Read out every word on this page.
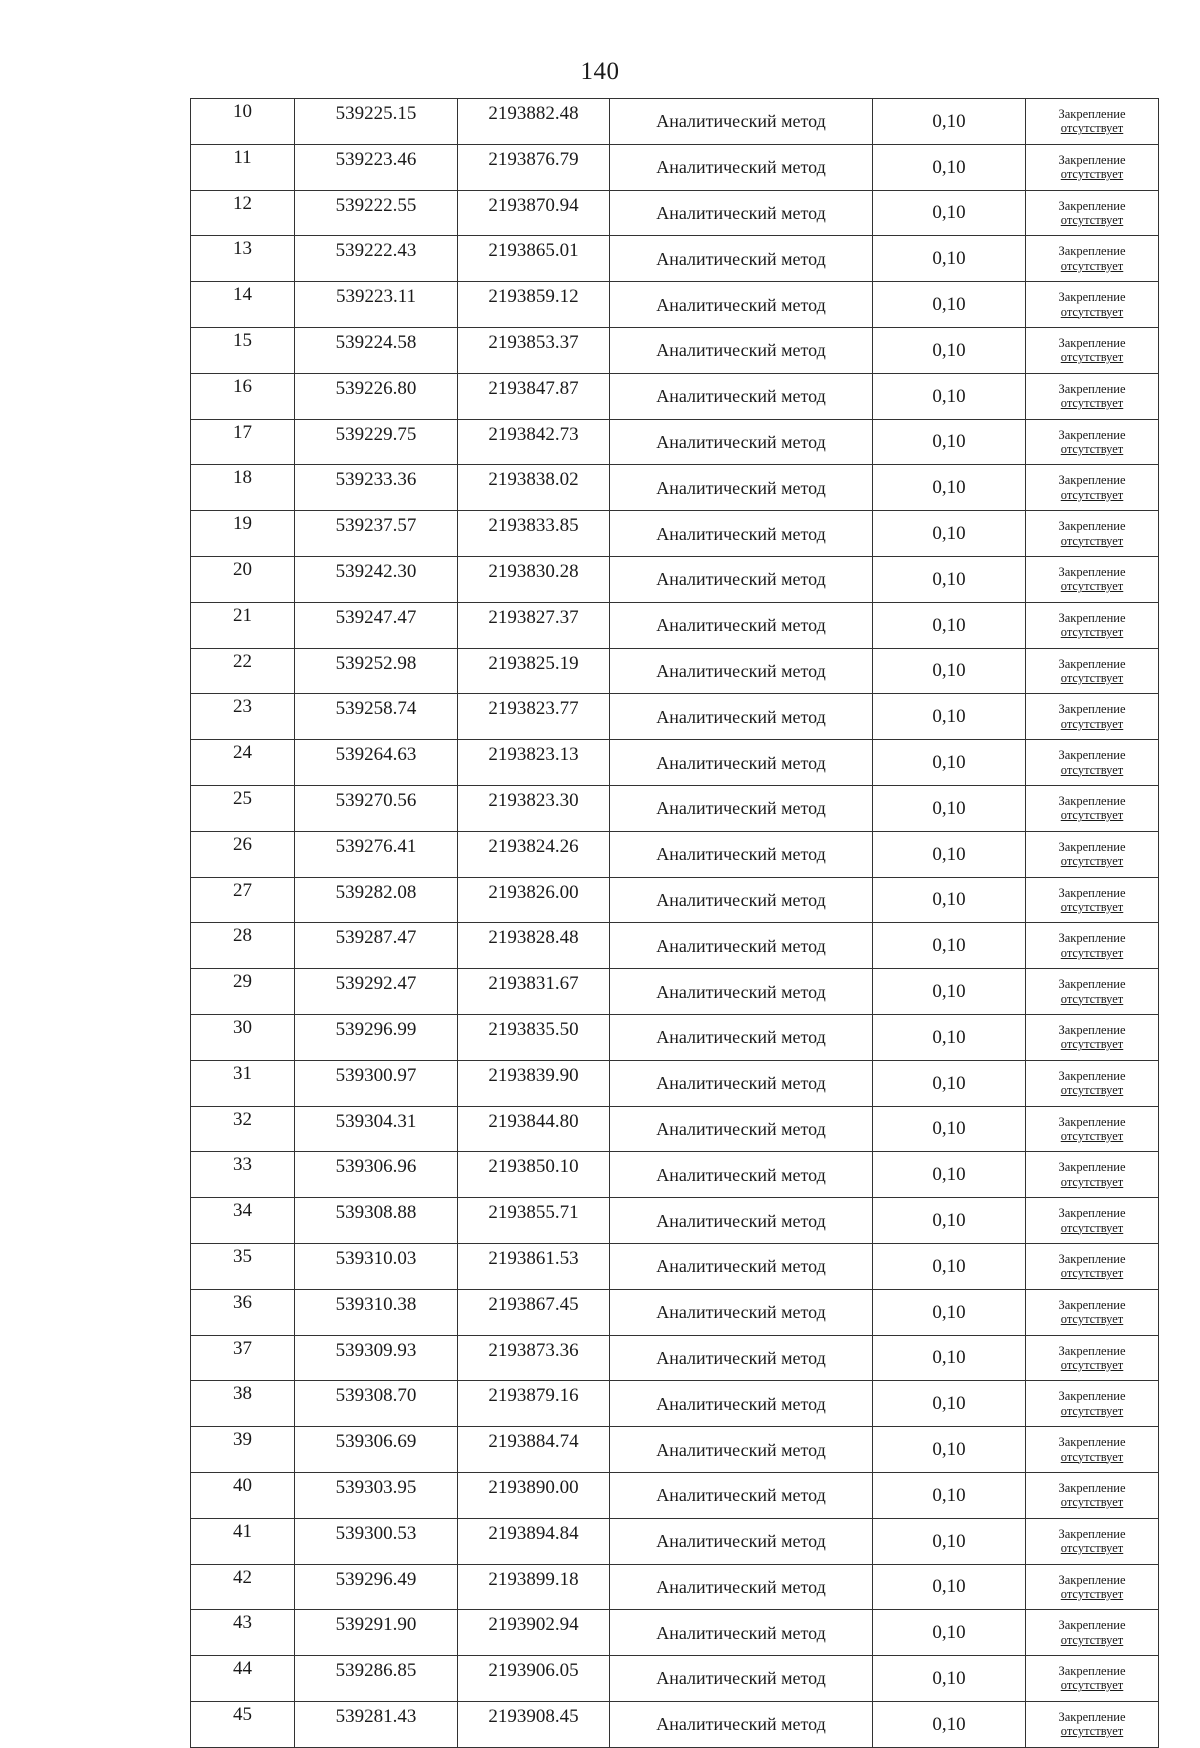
140
10	539225.15	2193882.48	Аналитический метод	0,10	Закрепление
отсутствует

11	539223.46	2193876.79	Аналитический метод	0,10	Закрепление
отсутствует

12	539222.55	2193870.94	Аналитический метод	0,10	Закрепление
отсутствует

13	539222.43	2193865.01	Аналитический метод	0,10	Закрепление
отсутствует

14	539223.11	2193859.12	Аналитический метод	0,10	Закрепление
отсутствует

15	539224.58	2193853.37	Аналитический метод	0,10	Закрепление
отсутствует

16	539226.80	2193847.87	Аналитический метод	0,10	Закрепление
отсутствует

17	539229.75	2193842.73	Аналитический метод	0,10	Закрепление
отсутствует

18	539233.36	2193838.02	Аналитический метод	0,10	Закрепление
отсутствует

19	539237.57	2193833.85	Аналитический метод	0,10	Закрепление
отсутствует

20	539242.30	2193830.28	Аналитический метод	0,10	Закрепление
отсутствует

21	539247.47	2193827.37	Аналитический метод	0,10	Закрепление
отсутствует

22	539252.98	2193825.19	Аналитический метод	0,10	Закрепление
отсутствует

23	539258.74	2193823.77	Аналитический метод	0,10	Закрепление
отсутствует

24	539264.63	2193823.13	Аналитический метод	0,10	Закрепление
отсутствует

25	539270.56	2193823.30	Аналитический метод	0,10	Закрепление
отсутствует

26	539276.41	2193824.26	Аналитический метод	0,10	Закрепление
отсутствует

27	539282.08	2193826.00	Аналитический метод	0,10	Закрепление
отсутствует

28	539287.47	2193828.48	Аналитический метод	0,10	Закрепление
отсутствует

29	539292.47	2193831.67	Аналитический метод	0,10	Закрепление
отсутствует

30	539296.99	2193835.50	Аналитический метод	0,10	Закрепление
отсутствует

31	539300.97	2193839.90	Аналитический метод	0,10	Закрепление
отсутствует

32	539304.31	2193844.80	Аналитический метод	0,10	Закрепление
отсутствует

33	539306.96	2193850.10	Аналитический метод	0,10	Закрепление
отсутствует

34	539308.88	2193855.71	Аналитический метод	0,10	Закрепление
отсутствует

35	539310.03	2193861.53	Аналитический метод	0,10	Закрепление
отсутствует

36	539310.38	2193867.45	Аналитический метод	0,10	Закрепление
отсутствует

37	539309.93	2193873.36	Аналитический метод	0,10	Закрепление
отсутствует

38	539308.70	2193879.16	Аналитический метод	0,10	Закрепление
отсутствует

39	539306.69	2193884.74	Аналитический метод	0,10	Закрепление
отсутствует

40	539303.95	2193890.00	Аналитический метод	0,10	Закрепление
отсутствует

41	539300.53	2193894.84	Аналитический метод	0,10	Закрепление
отсутствует

42	539296.49	2193899.18	Аналитический метод	0,10	Закрепление
отсутствует

43	539291.90	2193902.94	Аналитический метод	0,10	Закрепление
отсутствует

44	539286.85	2193906.05	Аналитический метод	0,10	Закрепление
отсутствует

45	539281.43	2193908.45	Аналитический метод	0,10	Закрепление
отсутствует
